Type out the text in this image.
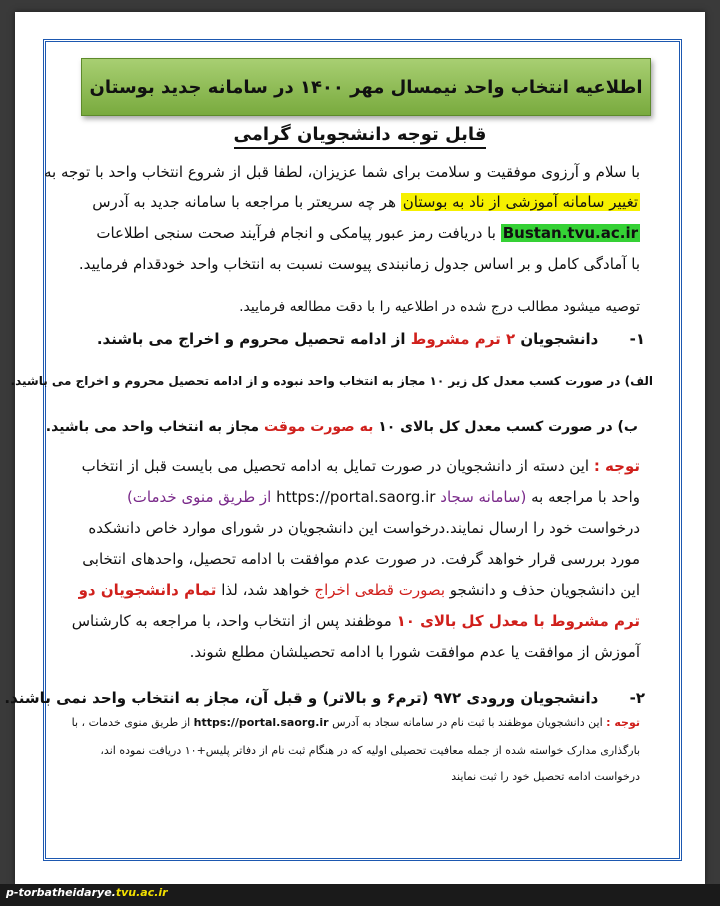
اطلاعیه انتخاب واحد نیمسال مهر ۱۴۰۰ در سامانه جدید بوستان
قابل توجه دانشجویان گرامی
با سلام و آرزوی موفقیت و سلامت برای شما عزیزان، لطفا قبل از شروع انتخاب واحد با توجه به
تغییر سامانه آموزشی از ناد به بوستان هر چه سریعتر با مراجعه با سامانه جدید به آدرس
Bustan.tvu.ac.ir با دریافت رمز عبور پیامکی و انجام فرآیند صحت سنجی اطلاعات
با آمادگی کامل و بر اساس جدول زمانبندی پیوست نسبت به انتخاب واحد خودقدام فرمایید.
توصیه میشود مطالب درج شده در اطلاعیه را با دقت مطالعه فرمایید.
۱- دانشجویان ۲ ترم مشروط از ادامه تحصیل محروم و اخراج می باشند.
الف) در صورت کسب معدل کل زیر ۱۰ مجاز به انتخاب واحد نبوده و از ادامه تحصیل محروم و اخراج می باشید.
ب) در صورت کسب معدل کل بالای ۱۰ به صورت موقت مجاز به انتخاب واحد می باشید.
توجه : این دسته از دانشجویان در صورت تمایل به ادامه تحصیل می بایست قبل از انتخاب
واحد با مراجعه به (سامانه سجاد https://portal.saorg.ir از طریق منوی خدمات)
درخواست خود را ارسال نمایند.درخواست این دانشجویان در شورای موارد خاص دانشکده
مورد بررسی قرار خواهد گرفت. در صورت عدم موافقت با ادامه تحصیل، واحدهای انتخابی
این دانشجویان حذف و دانشجو بصورت قطعی اخراج خواهد شد، لذا تمام دانشجویان دو
ترم مشروط با معدل کل بالای ۱۰ موظفند پس از انتخاب واحد، با مراجعه به کارشناس
آموزش از موافقت یا عدم موافقت شورا با ادامه تحصیلشان مطلع شوند.
۲- دانشجویان ورودی ۹۷۲ (ترم۶ و بالاتر) و قبل آن، مجاز به انتخاب واحد نمی باشند.
توجه : این دانشجویان موظفند با ثبت نام در سامانه سجاد به آدرس https://portal.saorg.ir از طریق منوی خدمات ، با
بارگذاری مدارک خواسته شده از جمله معافیت تحصیلی اولیه که در هنگام ثبت نام از دفاتر پلیس+۱۰ دریافت نموده اند،
درخواست ادامه تحصیل خود را ثبت نمایند
p-torbatheidarye.tvu.ac.ir
